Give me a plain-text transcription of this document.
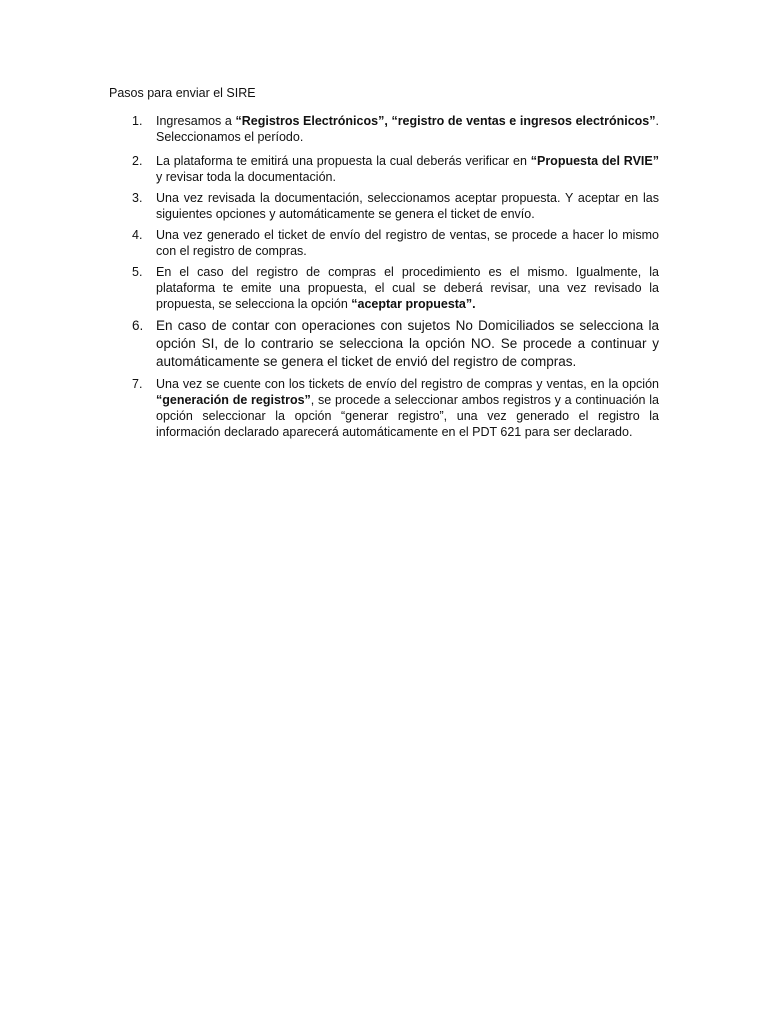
Pasos para enviar el SIRE

1. Ingresamos a “Registros Electrónicos”, “registro de ventas e ingresos electrónicos”. Seleccionamos el período.
2. La plataforma te emitirá una propuesta la cual deberás verificar en “Propuesta del RVIE” y revisar toda la documentación.
3. Una vez revisada la documentación, seleccionamos aceptar propuesta. Y aceptar en las siguientes opciones y automáticamente se genera el ticket de envío.
4. Una vez generado el ticket de envío del registro de ventas, se procede a hacer lo mismo con el registro de compras.
5. En el caso del registro de compras el procedimiento es el mismo. Igualmente, la plataforma te emite una propuesta, el cual se deberá revisar, una vez revisado la propuesta, se selecciona la opción “aceptar propuesta”.
6. En caso de contar con operaciones con sujetos No Domiciliados se selecciona la opción SI, de lo contrario se selecciona la opción NO. Se procede a continuar y automáticamente se genera el ticket de envió del registro de compras.
7. Una vez se cuente con los tickets de envío del registro de compras y ventas, en la opción “generación de registros”, se procede a seleccionar ambos registros y a continuación la opción seleccionar la opción “generar registro”, una vez generado el registro la información declarado aparecerá automáticamente en el PDT 621 para ser declarado.
